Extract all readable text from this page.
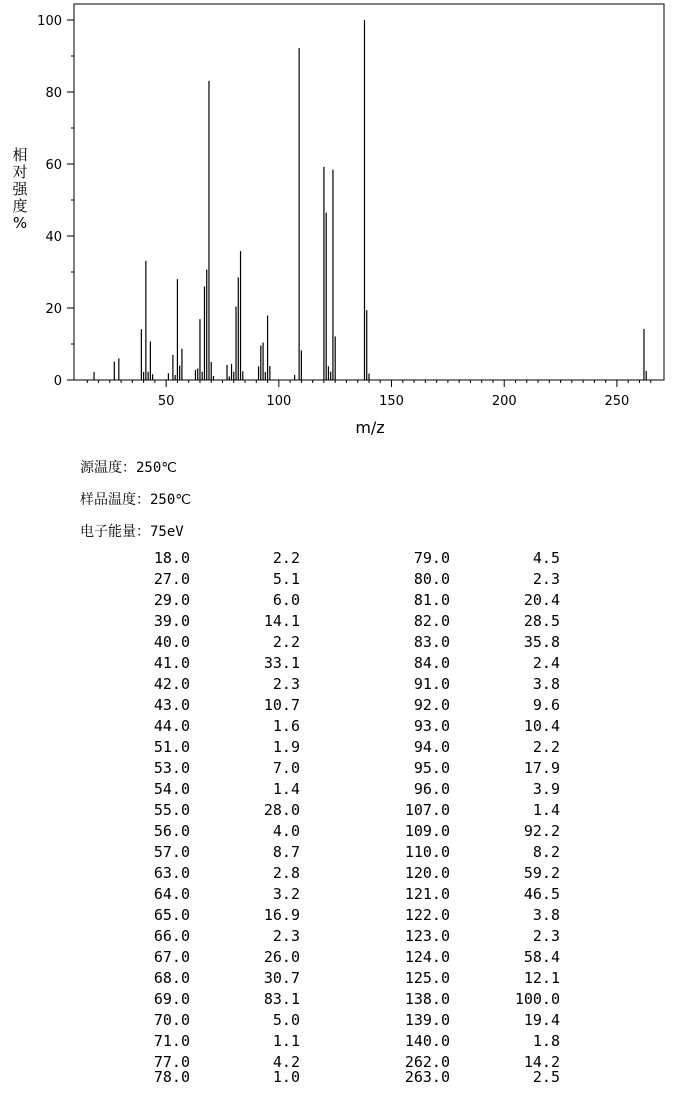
50	100	150	200	250
0
20
40
60
80
100
m/z
相对强度%
源温度 ： 250℃
样品温度 ： 250℃
电子能量 ： 75eV
18.0	2.2	79.0	4.5
27.0	5.1	80.0	2.3
29.0	6.0	81.0	20.4
39.0	14.1	82.0	28.5
40.0	2.2	83.0	35.8
41.0	33.1	84.0	2.4
42.0	2.3	91.0	3.8
43.0	10.7	92.0	9.6
44.0	1.6	93.0	10.4
51.0	1.9	94.0	2.2
53.0	7.0	95.0	17.9
54.0	1.4	96.0	3.9
55.0	28.0	107.0	1.4
56.0	4.0	109.0	92.2
57.0	8.7	110.0	8.2
63.0	2.8	120.0	59.2
64.0	3.2	121.0	46.5
65.0	16.9	122.0	3.8
66.0	2.3	123.0	2.3
67.0	26.0	124.0	58.4
68.0	30.7	125.0	12.1
69.0	83.1	138.0	100.0
70.0	5.0	139.0	19.4
71.0	1.1	140.0	1.8
77.0	4.2	262.0	14.2
78.0	1.0	263.0	2.5
